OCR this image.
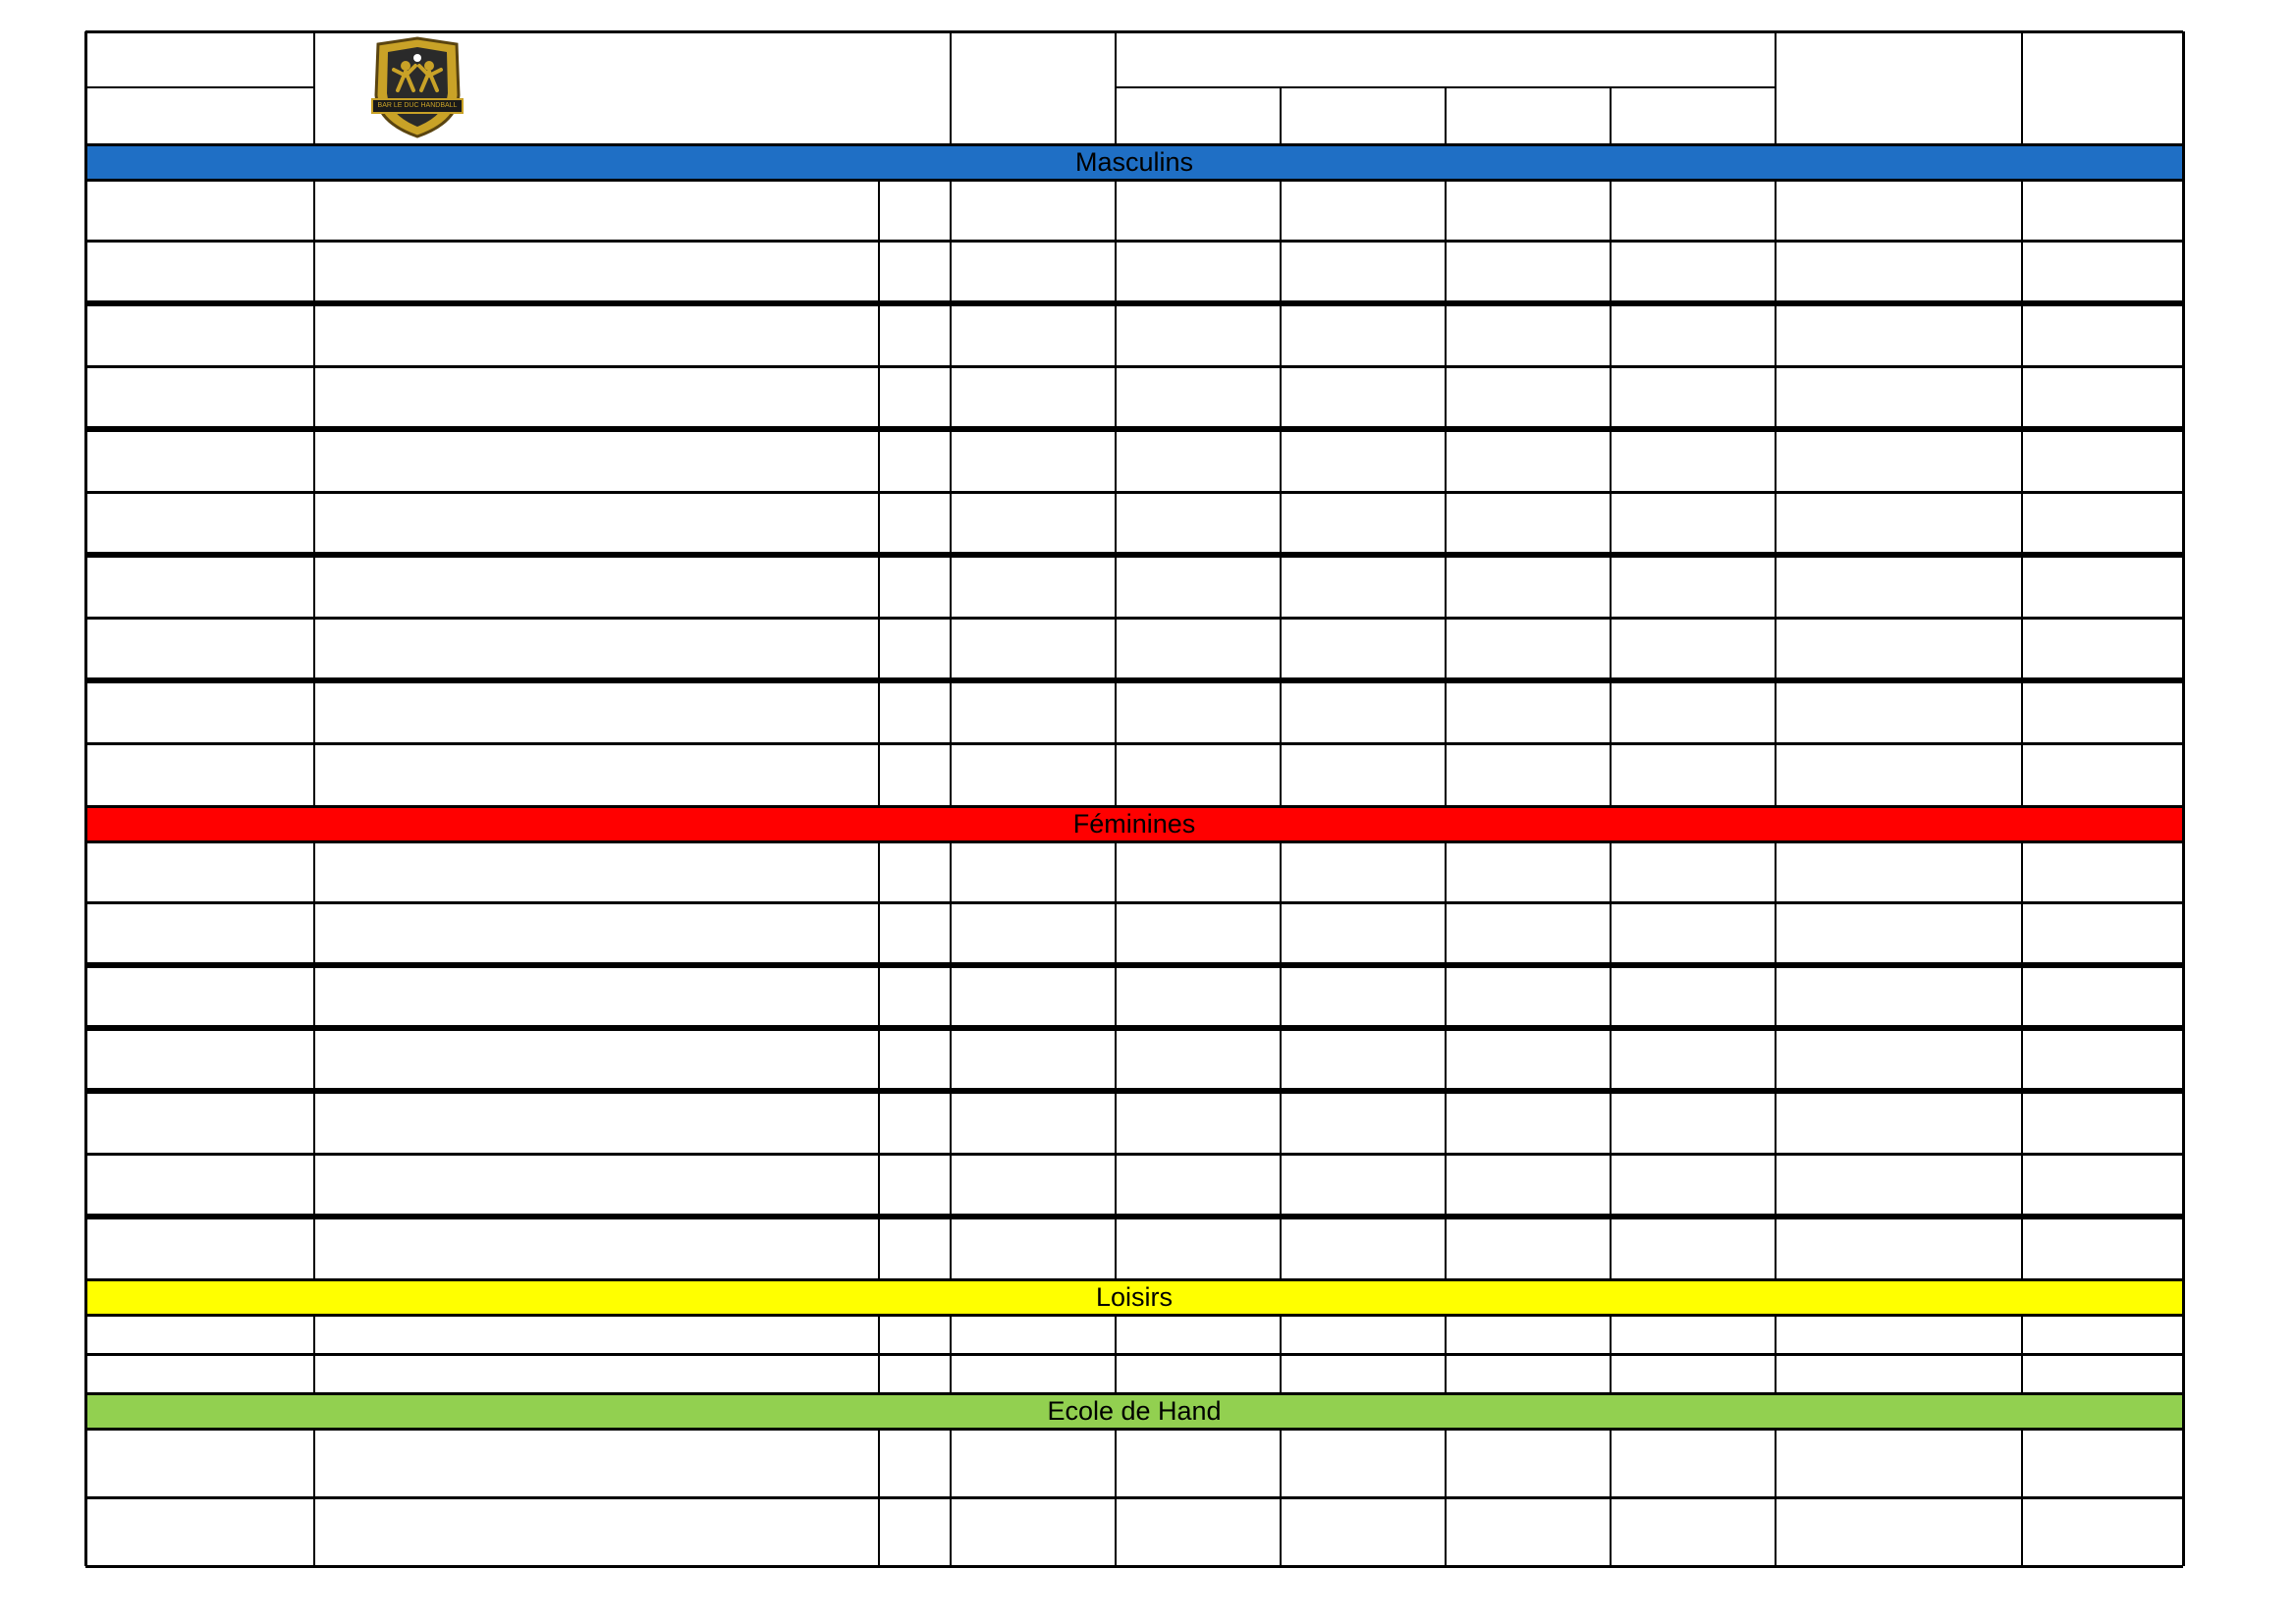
BAR LE DUC HANDBALL
Masculins
Féminines
Loisirs
Ecole de Hand
